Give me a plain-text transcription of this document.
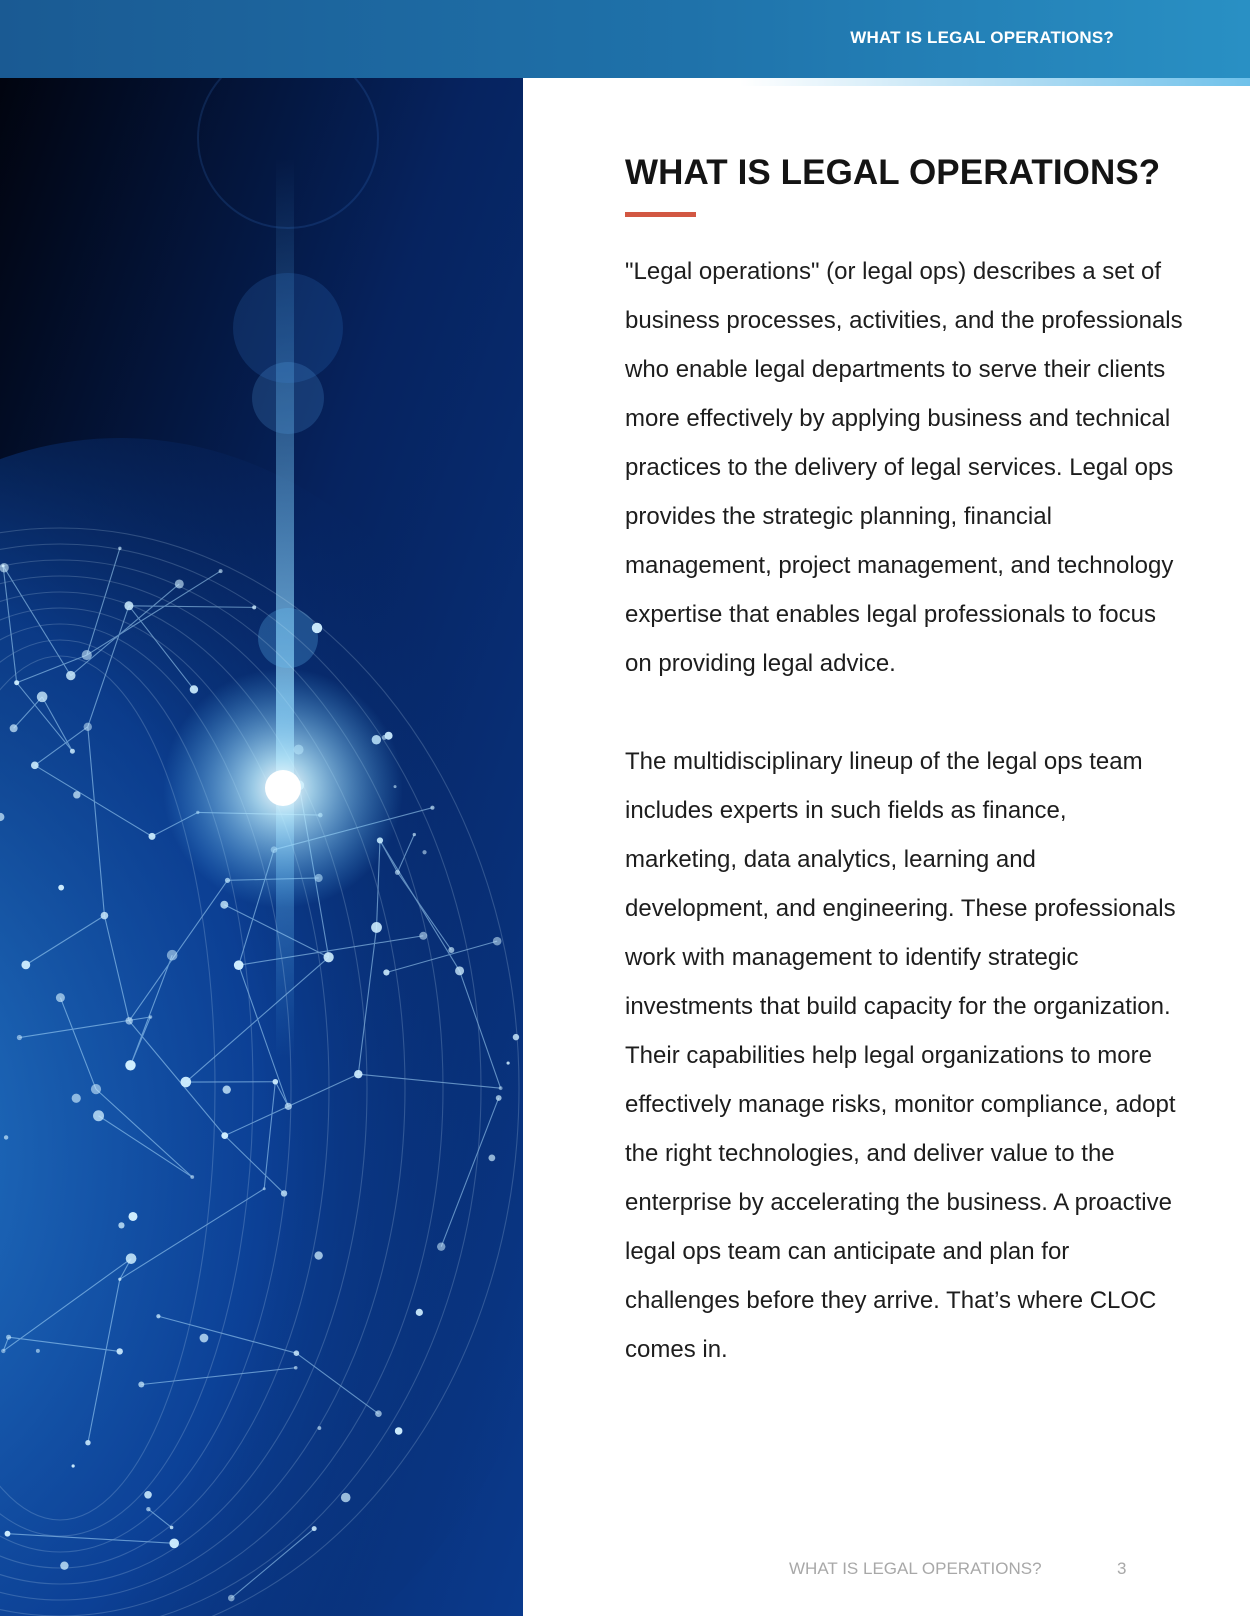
WHAT IS LEGAL OPERATIONS?
WHAT IS LEGAL OPERATIONS?

"Legal operations" (or legal ops) describes a set of business processes, activities, and the professionals who enable legal departments to serve their clients more effectively by applying business and technical practices to the delivery of legal services. Legal ops provides the strategic planning, financial management, project management, and technology expertise that enables legal professionals to focus on providing legal advice.

The multidisciplinary lineup of the legal ops team includes experts in such fields as finance, marketing, data analytics, learning and development, and engineering. These professionals work with management to identify strategic investments that build capacity for the organization. Their capabilities help legal organizations to more effectively manage risks, monitor compliance, adopt the right technologies, and deliver value to the enterprise by accelerating the business. A proactive legal ops team can anticipate and plan for challenges before they arrive. That’s where CLOC comes in.

WHAT IS LEGAL OPERATIONS?	3
